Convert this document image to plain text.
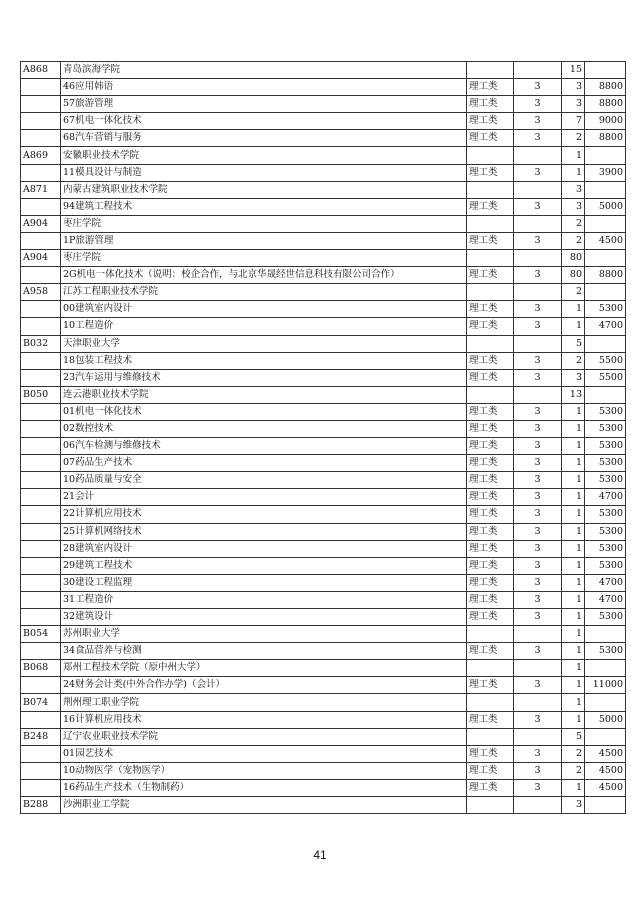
A868	青岛滨海学院			15	
	46应用韩语	理工类	3	3	8800
	57旅游管理	理工类	3	3	8800
	67机电一体化技术	理工类	3	7	9000
	68汽车营销与服务	理工类	3	2	8800
A869	安徽职业技术学院			1	
	11模具设计与制造	理工类	3	1	3900
A871	内蒙古建筑职业技术学院			3	
	94建筑工程技术	理工类	3	3	5000
A904	枣庄学院			2	
	1P旅游管理	理工类	3	2	4500
A904	枣庄学院			80	
	2G机电一体化技术（说明：校企合作，与北京华晟经世信息科技有限公司合作）	理工类	3	80	8800
A958	江苏工程职业技术学院			2	
	00建筑室内设计	理工类	3	1	5300
	10工程造价	理工类	3	1	4700
B032	天津职业大学			5	
	18包装工程技术	理工类	3	2	5500
	23汽车运用与维修技术	理工类	3	3	5500
B050	连云港职业技术学院			13	
	01机电一体化技术	理工类	3	1	5300
	02数控技术	理工类	3	1	5300
	06汽车检测与维修技术	理工类	3	1	5300
	07药品生产技术	理工类	3	1	5300
	10药品质量与安全	理工类	3	1	5300
	21会计	理工类	3	1	4700
	22计算机应用技术	理工类	3	1	5300
	25计算机网络技术	理工类	3	1	5300
	28建筑室内设计	理工类	3	1	5300
	29建筑工程技术	理工类	3	1	5300
	30建设工程监理	理工类	3	1	4700
	31工程造价	理工类	3	1	4700
	32建筑设计	理工类	3	1	5300
B054	苏州职业大学			1	
	34食品营养与检测	理工类	3	1	5300
B068	郑州工程技术学院（原中州大学）			1	
	24财务会计类(中外合作办学)（会计）	理工类	3	1	11000
B074	荆州理工职业学院			1	
	16计算机应用技术	理工类	3	1	5000
B248	辽宁农业职业技术学院			5	
	01园艺技术	理工类	3	2	4500
	10动物医学（宠物医学）	理工类	3	2	4500
	16药品生产技术（生物制药）	理工类	3	1	4500
B288	沙洲职业工学院			3	
41
